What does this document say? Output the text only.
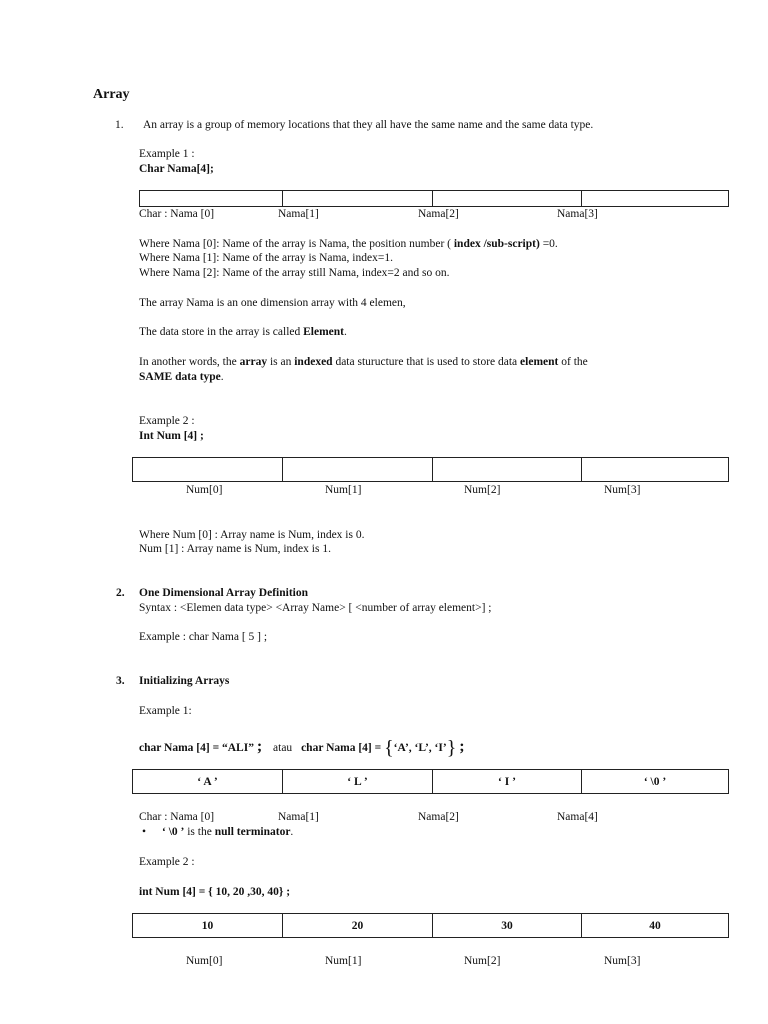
Array
1. An array is a group of memory locations that they all have the same name and the same data type.
Example 1 :
Char Nama[4];

Char : Nama [0]	Nama[1]	Nama[2]	Nama[3]
Where Nama [0]: Name of the array is Nama, the position number ( index /sub-script) =0.
Where Nama [1]: Name of the array is Nama, index=1.
Where Nama [2]: Name of the array still Nama, index=2 and so on.
The array Nama is an one dimension array with 4 elemen,
The data store in the array is called Element.
In another words, the array is an indexed data sturucture that is used to store data element of the
SAME data type.
Example 2 :
Int Num [4] ;

Num[0]	Num[1]	Num[2]	Num[3]
Where Num [0] : Array name is Num, index is 0.
Num [1] : Array name is Num, index is 1.
2. One Dimensional Array Definition
Syntax : <Elemen data type> <Array Name> [ <number of array element>] ;
Example : char Nama [ 5 ] ;
3. Initializing Arrays
Example 1:
char Nama [4] = “ALI” ; atau char Nama [4] = {‘A’, ‘L’, ‘I’} ;
‘ A ’	‘ L ’	‘ I ’	‘ \0 ’
Char : Nama [0]	Nama[1]	Nama[2]	Nama[4]
• ‘ \0 ’ is the null terminator.
Example 2 :
int Num [4] = { 10, 20 ,30, 40} ;
10	20	30	40
Num[0]	Num[1]	Num[2]	Num[3]
